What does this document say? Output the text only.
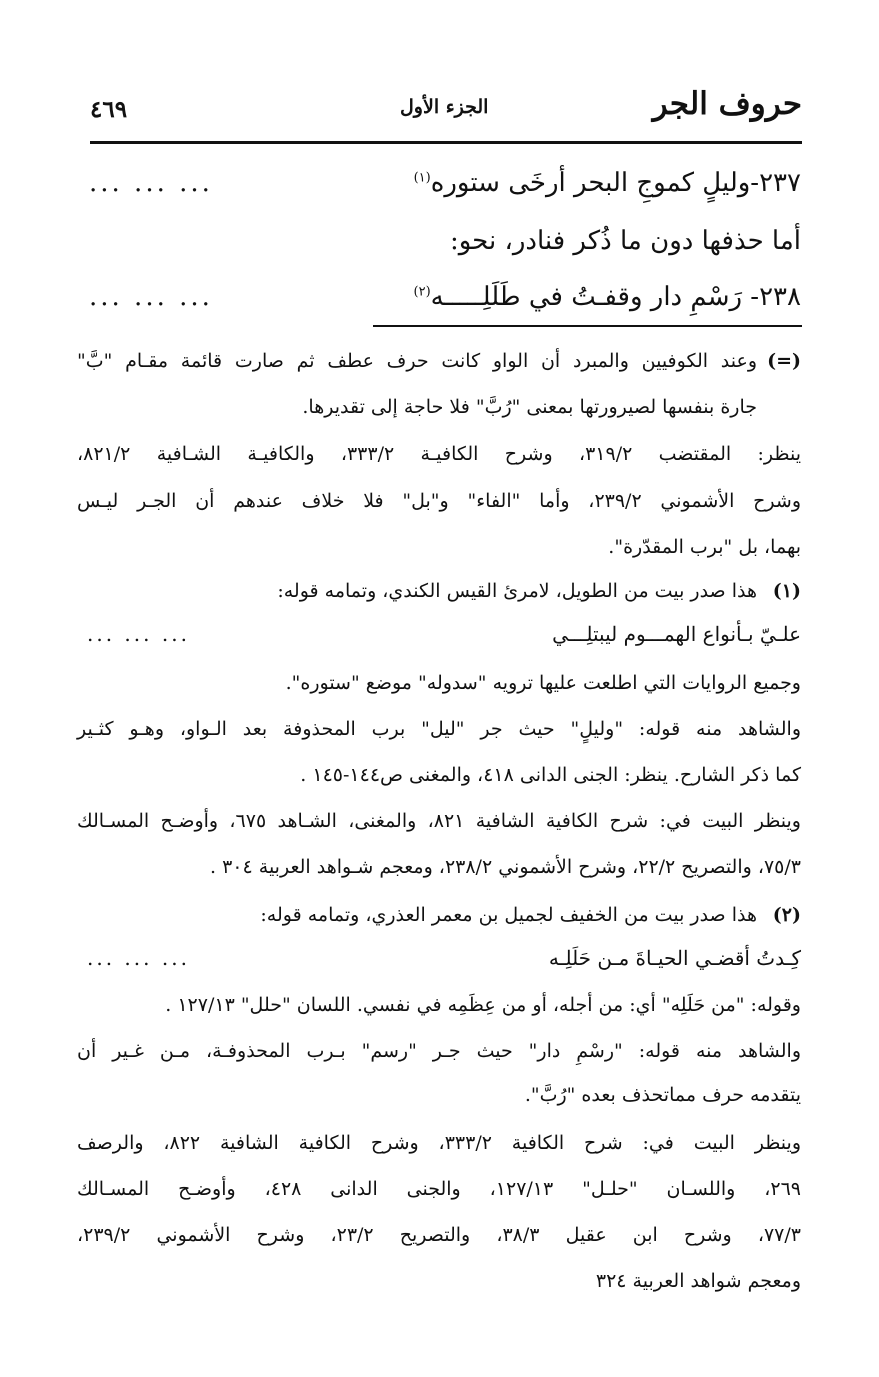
حروف الجر
الجزء الأول
٤٦٩
٢٣٧-وليلٍ كموجِ البحر أرخَى ستوره$^{(١)}$
... ... ...
أما حذفها دون ما ذُكر فنادر، نحو:
٢٣٨- رَسْمِ دار وقفـتُ في طَلَلِـــــه$^{(٢)}$
... ... ...
(=)
وعند الكوفيين والمبرد أن الواو كانت حرف عطف ثم صارت قائمة مقـام "بَّ"
جارة بنفسها لصيرورتها بمعنى "رُبَّ" فلا حاجة إلى تقديرها.
ينظر: المقتضب ٣١٩/٢، وشرح الكافيـة ٣٣٣/٢، والكافيـة الشـافية ٨٢١/٢،
وشرح الأشموني ٢٣٩/٢، وأما "الفاء" و"بل" فلا خلاف عندهم أن الجـر ليـس
بهما، بل "برب المقدّرة".
(١)
هذا صدر بيت من الطويل، لامرئ القيس الكندي، وتمامه قوله:
علـيّ بـأنواع الهمـــوم ليبتلِـــي
... ... ...
وجميع الروايات التي اطلعت عليها ترويه "سدوله" موضع "ستوره".
والشاهد منه قوله: "وليلٍ" حيث جر "ليل" برب المحذوفة بعد الـواو، وهـو كثـير
كما ذكر الشارح. ينظر: الجنى الدانى ٤١٨، والمغنى ص١٤٤-١٤٥ .
وينظر البيت في: شرح الكافية الشافية ٨٢١، والمغنى، الشـاهد ٦٧٥، وأوضـح المسـالك
٧٥/٣، والتصريح ٢٢/٢، وشرح الأشموني ٢٣٨/٢، ومعجم شـواهد العربية ٣٠٤ .
(٢)
هذا صدر بيت من الخفيف لجميل بن معمر العذري، وتمامه قوله:
كِـدتُ أقضـي الحيـاةَ مـن حَلَلِـه
... ... ...
وقوله: "من حَلَلِه" أي: من أجله، أو من عِظَمِه في نفسي. اللسان "حلل" ١٢٧/١٣ .
والشاهد منه قوله: "رسْمِ دار" حيث جـر "رسم" بـرب المحذوفـة، مـن غـير أن
يتقدمه حرف مماتحذف بعده "رُبَّ".
وينظر البيت في: شرح الكافية ٣٣٣/٢، وشرح الكافية الشافية ٨٢٢، والرصف
٢٦٩، واللسـان "حلـل" ١٢٧/١٣، والجنى الدانى ٤٢٨، وأوضـح المسـالك
٧٧/٣، وشرح ابن عقيل ٣٨/٣، والتصريح ٢٣/٢، وشرح الأشموني ٢٣٩/٢،
ومعجم شواهد العربية ٣٢٤
